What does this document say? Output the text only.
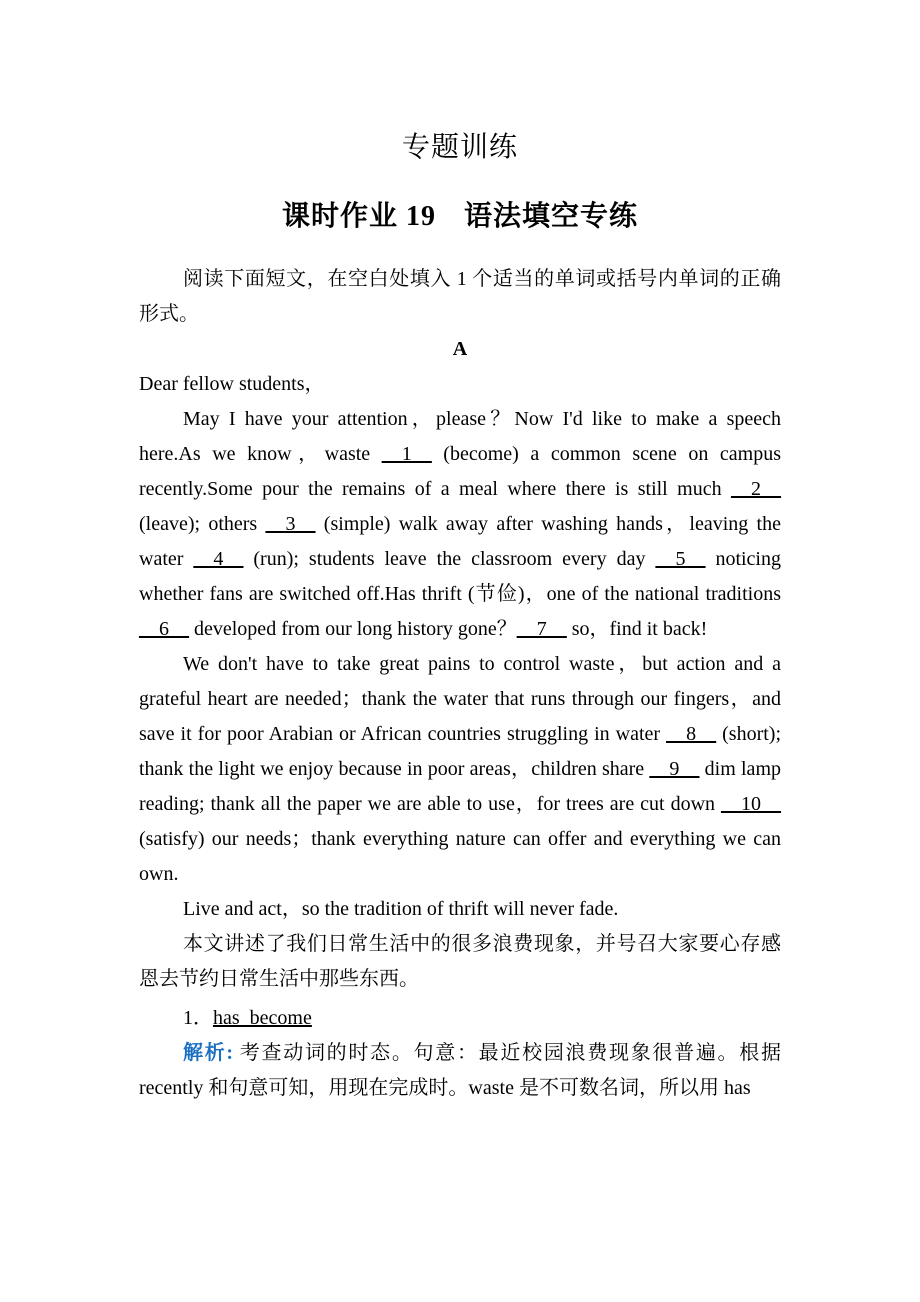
专题训练
课时作业 19 语法填空专练

阅读下面短文，在空白处填入 1 个适当的单词或括号内单词的正确形式。

A

Dear fellow students，

May I have your attention，please？Now I'd like to make a speech here.As we know，waste __1__ (become) a common scene on campus recently.Some pour the remains of a meal where there is still much __2__ (leave); others __3__ (simple) walk away after washing hands，leaving the water __4__ (run); students leave the classroom every day __5__ noticing whether fans are switched off.Has thrift (节俭)，one of the national traditions __6__ developed from our long history gone？__7__ so，find it back!

We don't have to take great pains to control waste，but action and a grateful heart are needed；thank the water that runs through our fingers，and save it for poor Arabian or African countries struggling in water __8__ (short); thank the light we enjoy because in poor areas，children share __9__ dim lamp reading; thank all the paper we are able to use，for trees are cut down __10__ (satisfy) our needs；thank everything nature can offer and everything we can own.

Live and act，so the tradition of thrift will never fade.

本文讲述了我们日常生活中的很多浪费现象，并号召大家要心存感恩去节约日常生活中那些东西。

1．has_become

解析: 考查动词的时态。句意：最近校园浪费现象很普遍。根据 recently 和句意可知，用现在完成时。waste 是不可数名词，所以用 has
